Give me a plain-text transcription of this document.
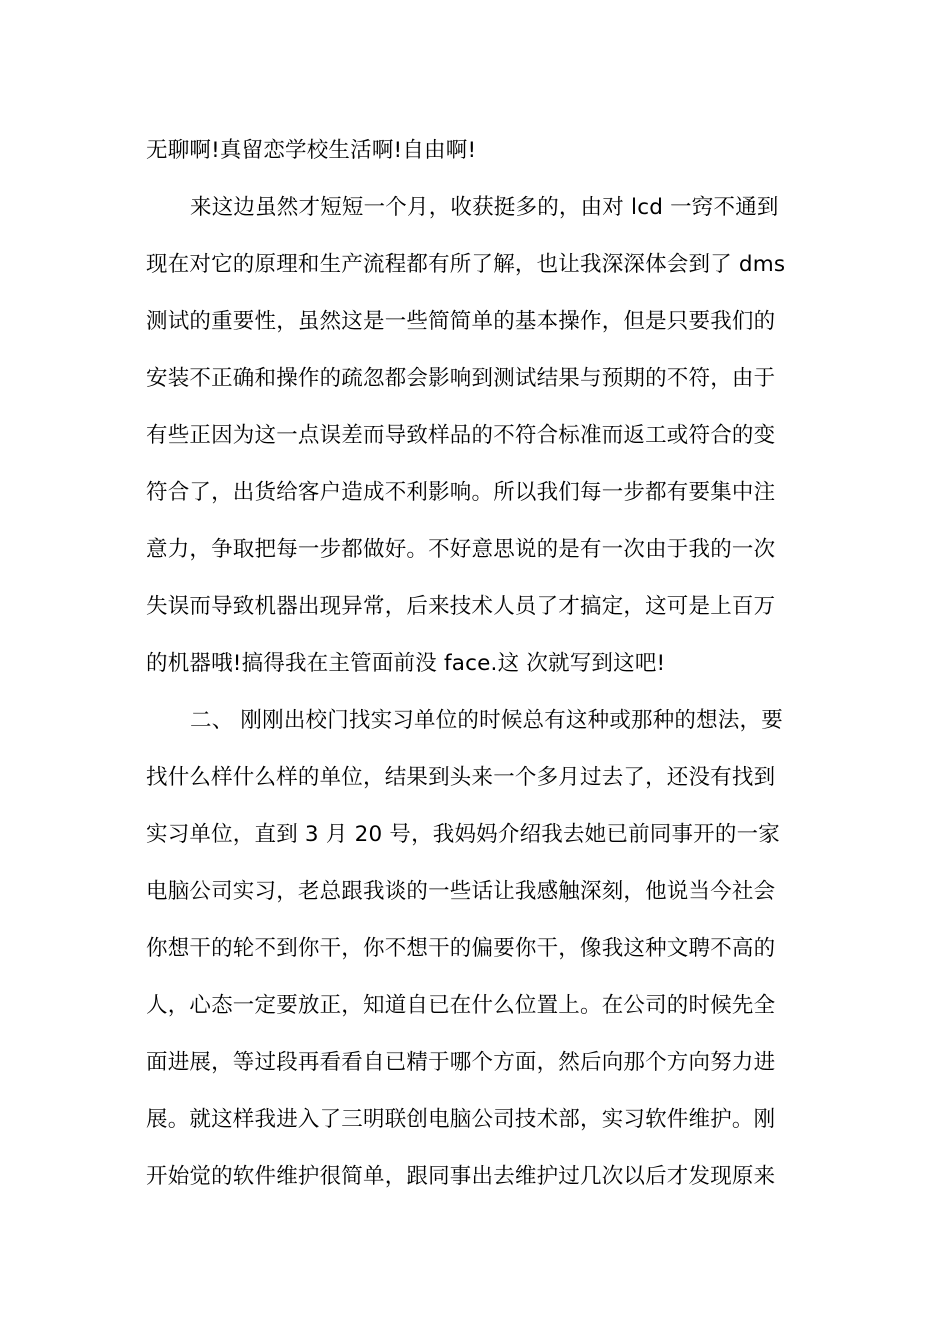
无聊啊!真留恋学校生活啊!自由啊!
来这边虽然才短短一个月，收获挺多的，由对 lcd 一窍不通到
现在对它的原理和生产流程都有所了解，也让我深深体会到了 dms
测试的重要性，虽然这是一些简简单的基本操作，但是只要我们的
安装不正确和操作的疏忽都会影响到测试结果与预期的不符，由于
有些正因为这一点误差而导致样品的不符合标准而返工或符合的变
符合了，出货给客户造成不利影响。所以我们每一步都有要集中注
意力，争取把每一步都做好。不好意思说的是有一次由于我的一次
失误而导致机器出现异常，后来技术人员了才搞定，这可是上百万
的机器哦!搞得我在主管面前没 face.这 次就写到这吧!
二、 刚刚出校门找实习单位的时候总有这种或那种的想法，要
找什么样什么样的单位，结果到头来一个多月过去了，还没有找到
实习单位，直到 3 月 20 号，我妈妈介绍我去她已前同事开的一家
电脑公司实习，老总跟我谈的一些话让我感触深刻，他说当今社会
你想干的轮不到你干，你不想干的偏要你干，像我这种文聘不高的
人，心态一定要放正，知道自已在什么位置上。在公司的时候先全
面进展，等过段再看看自已精于哪个方面，然后向那个方向努力进
展。就这样我进入了三明联创电脑公司技术部，实习软件维护。刚
开始觉的软件维护很简单，跟同事出去维护过几次以后才发现原来
